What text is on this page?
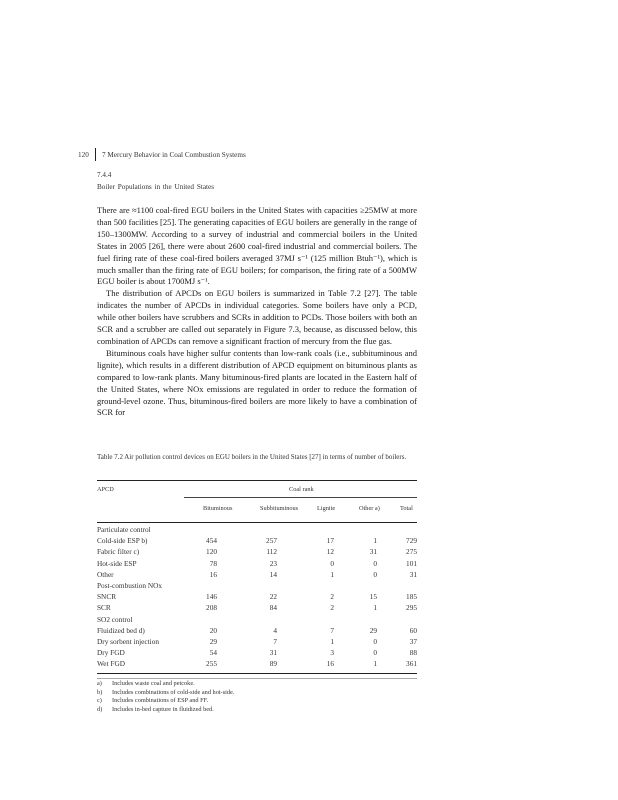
120 7 Mercury Behavior in Coal Combustion Systems
7.4.4
Boiler Populations in the United States

There are ≈1100 coal-fired EGU boilers in the United States with capacities ≥25MW at more than 500 facilities [25]. The generating capacities of EGU boilers are generally in the range of 150–1300MW. According to a survey of industrial and commercial boilers in the United States in 2005 [26], there were about 2600 coal-fired industrial and commercial boilers. The fuel firing rate of these coal-fired boilers averaged 37MJ s⁻¹ (125 million Btuh⁻¹), which is much smaller than the firing rate of EGU boilers; for comparison, the firing rate of a 500MW EGU boiler is about 1700MJ s⁻¹.

The distribution of APCDs on EGU boilers is summarized in Table 7.2 [27]. The table indicates the number of APCDs in individual categories. Some boilers have only a PCD, while other boilers have scrubbers and SCRs in addition to PCDs. Those boilers with both an SCR and a scrubber are called out separately in Figure 7.3, because, as discussed below, this combination of APCDs can remove a significant fraction of mercury from the flue gas.

Bituminous coals have higher sulfur contents than low-rank coals (i.e., subbituminous and lignite), which results in a different distribution of APCD equipment on bituminous plants as compared to low-rank plants. Many bituminous-fired plants are located in the Eastern half of the United States, where NOx emissions are regulated in order to reduce the formation of ground-level ozone. Thus, bituminous-fired boilers are more likely to have a combination of SCR for

Table 7.2 Air pollution control devices on EGU boilers in the United States [27] in terms of number of boilers.
APCD	Coal rank
Bituminous	Subbituminous	Lignite	Other a)	Total
Particulate control
Cold-side ESP b)	454	257	17	1	729
Fabric filter c)	120	112	12	31	275
Hot-side ESP	78	23	0	0	101
Other	16	14	1	0	31
Post-combustion NOx
SNCR	146	22	2	15	185
SCR	208	84	2	1	295
SO2 control
Fluidized bed d)	20	4	7	29	60
Dry sorbent injection	29	7	1	0	37
Dry FGD	54	31	3	0	88
Wet FGD	255	89	16	1	361
a) Includes waste coal and petcoke.
b) Includes combinations of cold-side and hot-side.
c) Includes combinations of ESP and FF.
d) Includes in-bed capture in fluidized bed.
